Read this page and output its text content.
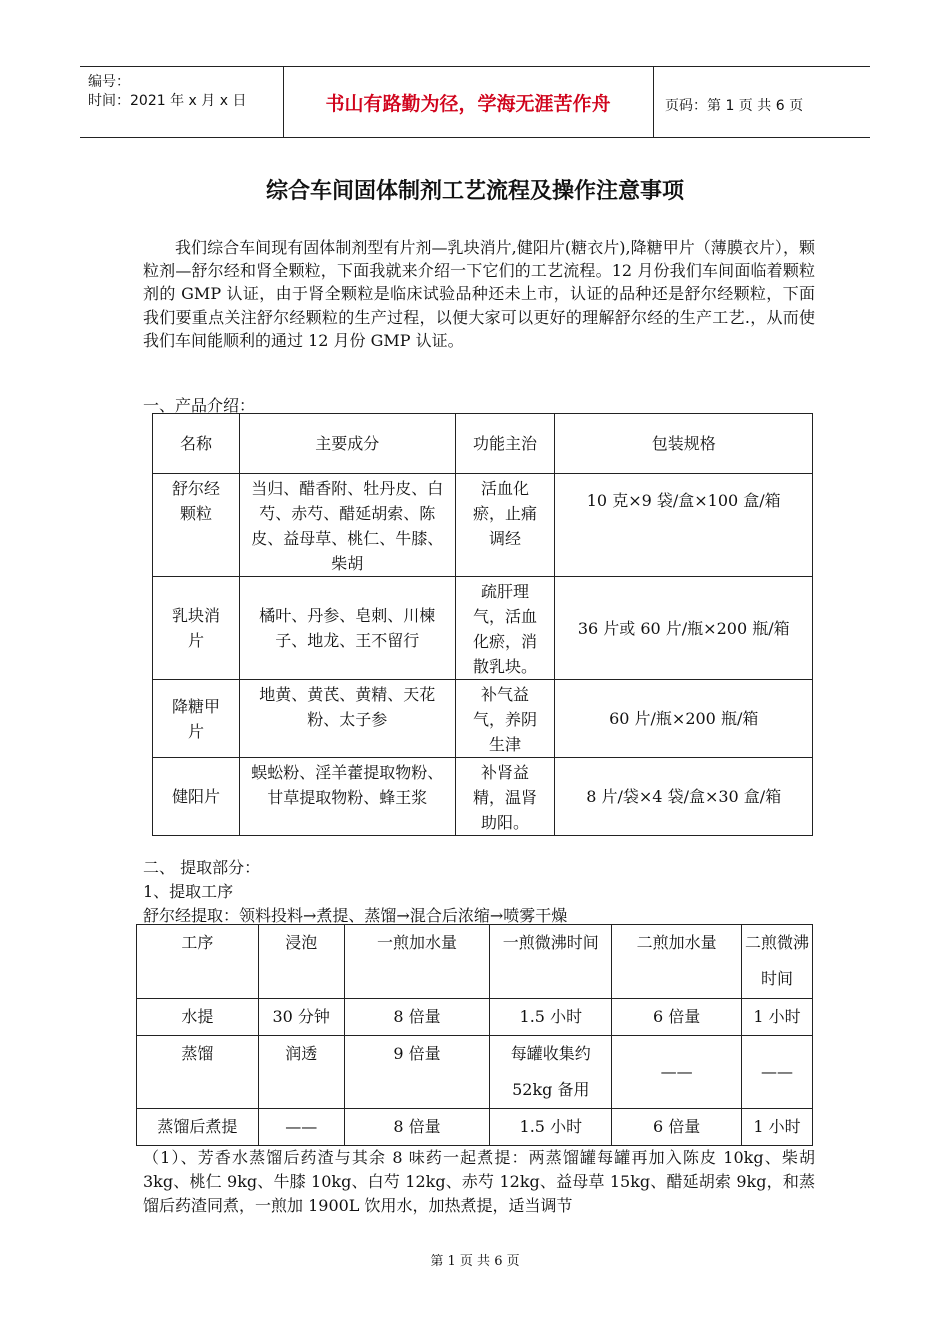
编号：
时间：2021 年 x 月 x 日	书山有路勤为径，学海无涯苦作舟	页码：第 1 页 共 6 页
综合车间固体制剂工艺流程及操作注意事项
我们综合车间现有固体制剂型有片剂—乳块消片,健阳片(糖衣片),降糖甲片（薄膜衣片），颗粒剂—舒尔经和肾全颗粒，下面我就来介绍一下它们的工艺流程。12 月份我们车间面临着颗粒剂的 GMP 认证，由于肾全颗粒是临床试验品种还未上市，认证的品种还是舒尔经颗粒，下面我们要重点关注舒尔经颗粒的生产过程，以便大家可以更好的理解舒尔经的生产工艺.，从而使我们车间能顺利的通过 12 月份 GMP 认证。
一、产品介绍：
名称	主要成分	功能主治	包装规格
舒尔经颗粒	当归、醋香附、牡丹皮、白芍、赤芍、醋延胡索、陈皮、益母草、桃仁、牛膝、柴胡	活血化瘀，止痛调经	10 克×9 袋/盒×100 盒/箱
乳块消片	橘叶、丹参、皂刺、川楝子、地龙、王不留行	疏肝理气，活血化瘀，消散乳块。	36 片或 60 片/瓶×200 瓶/箱
降糖甲片	地黄、黄芪、黄精、天花粉、太子参	补气益气，养阴生津	60 片/瓶×200 瓶/箱
健阳片	蜈蚣粉、淫羊藿提取物粉、甘草提取物粉、蜂王浆	补肾益精，温肾助阳。	8 片/袋×4 袋/盒×30 盒/箱
二、 提取部分：
1、提取工序
舒尔经提取：领料投料→煮提、蒸馏→混合后浓缩→喷雾干燥
工序	浸泡	一煎加水量	一煎微沸时间	二煎加水量	二煎微沸时间
水提	30 分钟	8 倍量	1.5 小时	6 倍量	1 小时
蒸馏	润透	9 倍量	每罐收集约 52kg 备用	——	——
蒸馏后煮提	——	8 倍量	1.5 小时	6 倍量	1 小时
（1）、芳香水蒸馏后药渣与其余 8 味药一起煮提：两蒸馏罐每罐再加入陈皮 10kg、柴胡 3kg、桃仁 9kg、牛膝 10kg、白芍 12kg、赤芍 12kg、益母草 15kg、醋延胡索 9kg，和蒸馏后药渣同煮，一煎加 1900L 饮用水，加热煮提，适当调节
第 1 页 共 6 页
